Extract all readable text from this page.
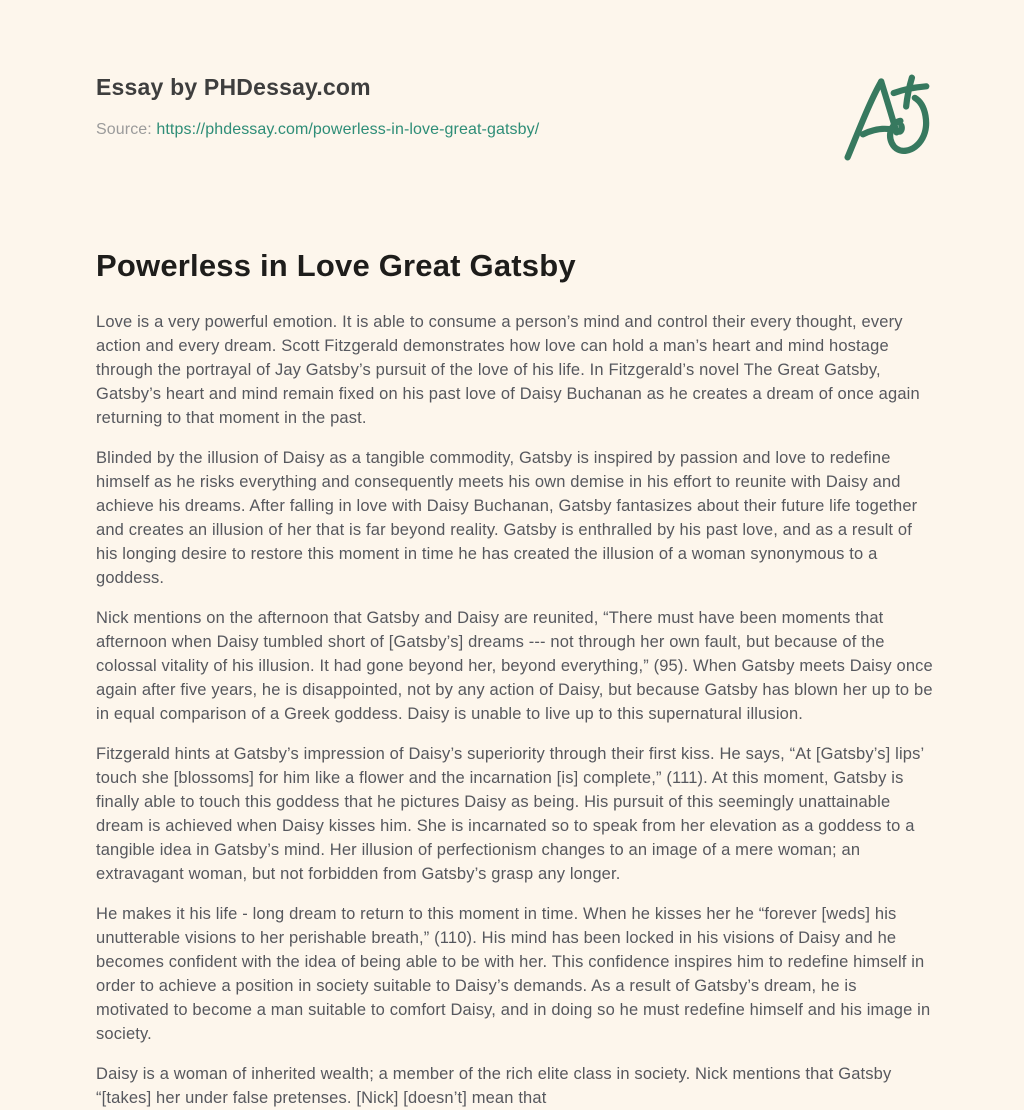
Essay by PHDessay.com
Source: https://phdessay.com/powerless-in-love-great-gatsby/
Powerless in Love Great Gatsby

Love is a very powerful emotion. It is able to consume a person’s mind and control their every thought, every action and every dream. Scott Fitzgerald demonstrates how love can hold a man’s heart and mind hostage through the portrayal of Jay Gatsby’s pursuit of the love of his life. In Fitzgerald’s novel The Great Gatsby, Gatsby’s heart and mind remain fixed on his past love of Daisy Buchanan as he creates a dream of once again returning to that moment in the past.

Blinded by the illusion of Daisy as a tangible commodity, Gatsby is inspired by passion and love to redefine himself as he risks everything and consequently meets his own demise in his effort to reunite with Daisy and achieve his dreams. After falling in love with Daisy Buchanan, Gatsby fantasizes about their future life together and creates an illusion of her that is far beyond reality. Gatsby is enthralled by his past love, and as a result of his longing desire to restore this moment in time he has created the illusion of a woman synonymous to a goddess.

Nick mentions on the afternoon that Gatsby and Daisy are reunited, “There must have been moments that afternoon when Daisy tumbled short of [Gatsby’s] dreams --- not through her own fault, but because of the colossal vitality of his illusion. It had gone beyond her, beyond everything,” (95). When Gatsby meets Daisy once again after five years, he is disappointed, not by any action of Daisy, but because Gatsby has blown her up to be in equal comparison of a Greek goddess. Daisy is unable to live up to this supernatural illusion.

Fitzgerald hints at Gatsby’s impression of Daisy’s superiority through their first kiss. He says, “At [Gatsby’s] lips’ touch she [blossoms] for him like a flower and the incarnation [is] complete,” (111). At this moment, Gatsby is finally able to touch this goddess that he pictures Daisy as being. His pursuit of this seemingly unattainable dream is achieved when Daisy kisses him. She is incarnated so to speak from her elevation as a goddess to a tangible idea in Gatsby’s mind. Her illusion of perfectionism changes to an image of a mere woman; an extravagant woman, but not forbidden from Gatsby’s grasp any longer.

He makes it his life - long dream to return to this moment in time. When he kisses her he “forever [weds] his unutterable visions to her perishable breath,” (110). His mind has been locked in his visions of Daisy and he becomes confident with the idea of being able to be with her. This confidence inspires him to redefine himself in order to achieve a position in society suitable to Daisy’s demands. As a result of Gatsby’s dream, he is motivated to become a man suitable to comfort Daisy, and in doing so he must redefine himself and his image in society.

Daisy is a woman of inherited wealth; a member of the rich elite class in society. Nick mentions that Gatsby “[takes] her under false pretenses. [Nick] [doesn’t] mean that
